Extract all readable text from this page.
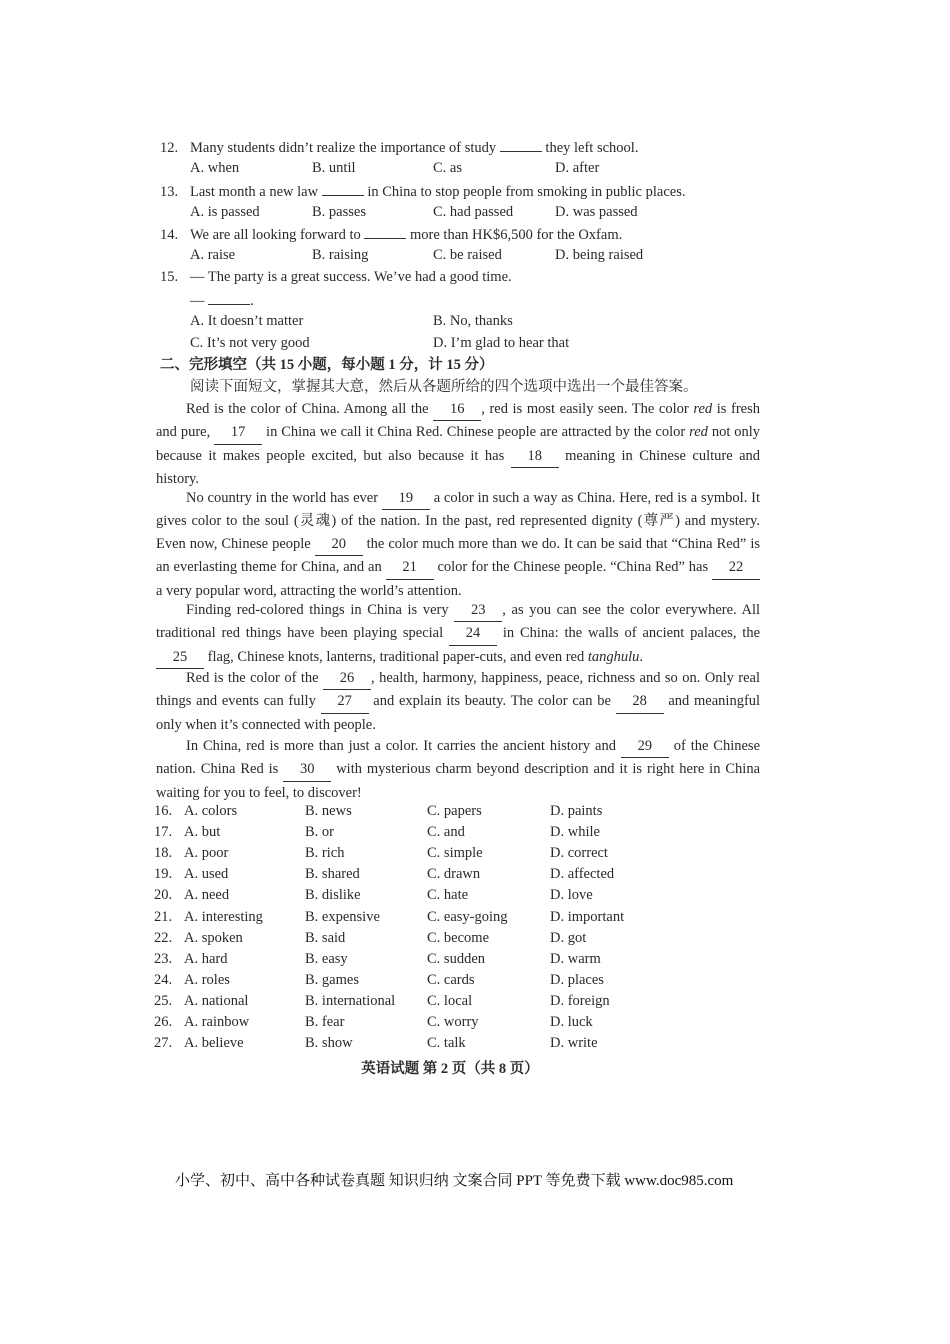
12. Many students didn’t realize the importance of study	they left school.
A. when	B. until	C. as	D. after
13. Last month a new law	in China to stop people from smoking in public places.
A. is passed	B. passes	C. had passed	D. was passed
14. We are all looking forward to	more than HK$6,500 for the Oxfam.
A. raise	B. raising	C. be raised	D. being raised
15. — The party is a great success. We’ve had a good time.
—	.
A. It doesn’t matter	B. No, thanks
C. It’s not very good	D. I’m glad to hear that
二、完形填空（共 15 小题，每小题 1 分，计 15 分）
阅读下面短文，掌握其大意，然后从各题所给的四个选项中选出一个最佳答案。
Red is the color of China. Among all the 16 , red is most easily seen. The color red is fresh and pure, 17 in China we call it China Red. Chinese people are attracted by the color red not only because it makes people excited, but also because it has 18 meaning in Chinese culture and history.
No country in the world has ever 19 a color in such a way as China. Here, red is a symbol. It gives color to the soul (灵魂) of the nation. In the past, red represented dignity (尊严) and mystery. Even now, Chinese people 20 the color much more than we do. It can be said that “China Red” is an everlasting theme for China, and an 21 color for the Chinese people. “China Red” has 22 a very popular word, attracting the world’s attention.
Finding red-colored things in China is very 23 , as you can see the color everywhere. All traditional red things have been playing special 24 in China: the walls of ancient palaces, the 25 flag, Chinese knots, lanterns, traditional paper-cuts, and even red tanghulu.
Red is the color of the 26 , health, harmony, happiness, peace, richness and so on. Only real things and events can fully 27 and explain its beauty. The color can be 28 and meaningful only when it’s connected with people.
In China, red is more than just a color. It carries the ancient history and 29 of the Chinese nation. China Red is 30 with mysterious charm beyond description and it is right here in China waiting for you to feel, to discover!
16. A. colors	B. news	C. papers	D. paints
17. A. but	B. or	C. and	D. while
18. A. poor	B. rich	C. simple	D. correct
19. A. used	B. shared	C. drawn	D. affected
20. A. need	B. dislike	C. hate	D. love
21. A. interesting	B. expensive	C. easy-going	D. important
22. A. spoken	B. said	C. become	D. got
23. A. hard	B. easy	C. sudden	D. warm
24. A. roles	B. games	C. cards	D. places
25. A. national	B. international C. local	D. foreign
26. A. rainbow	B. fear	C. worry	D. luck
27. A. believe	B. show	C. talk	D. write
英语试题 第 2 页（共 8 页）
小学、初中、高中各种试卷真题 知识归纳 文案合同 PPT 等免费下载 www.doc985.com
